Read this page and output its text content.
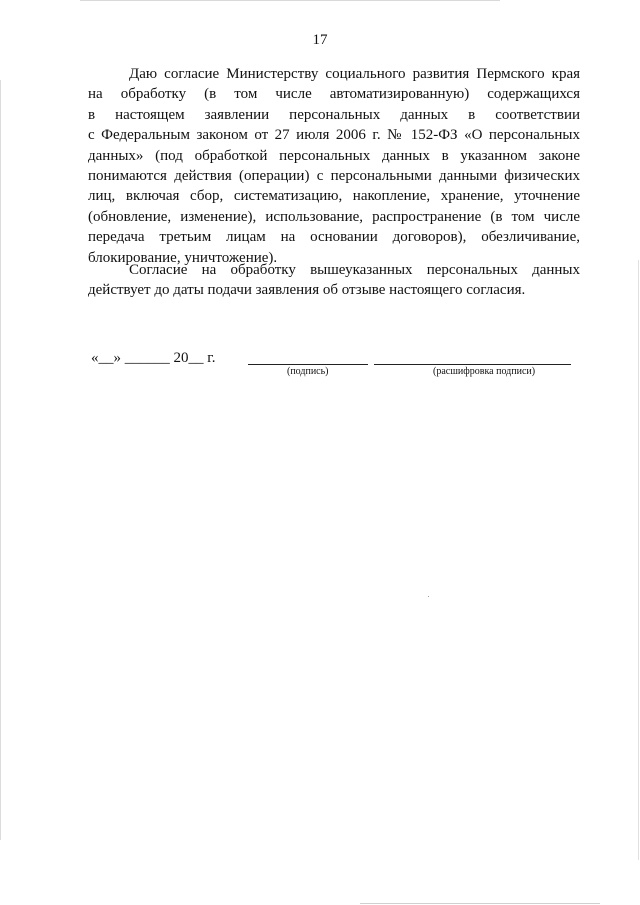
17
Даю согласие Министерству социального развития Пермского края
на обработку (в том числе автоматизированную) содержащихся
в настоящем заявлении персональных данных в соответствии
с Федеральным законом от 27 июля 2006 г. № 152-ФЗ «О персональных
данных» (под обработкой персональных данных в указанном законе
понимаются действия (операции) с персональными данными физических
лиц, включая сбор, систематизацию, накопление, хранение, уточнение
(обновление, изменение), использование, распространение (в том числе
передача третьим лицам на основании договоров), обезличивание,
блокирование, уничтожение).
Согласие на обработку вышеуказанных персональных данных
действует до даты подачи заявления об отзыве настоящего согласия.
«__» ______ 20__ г.
(подпись)	(расшифровка подписи)
